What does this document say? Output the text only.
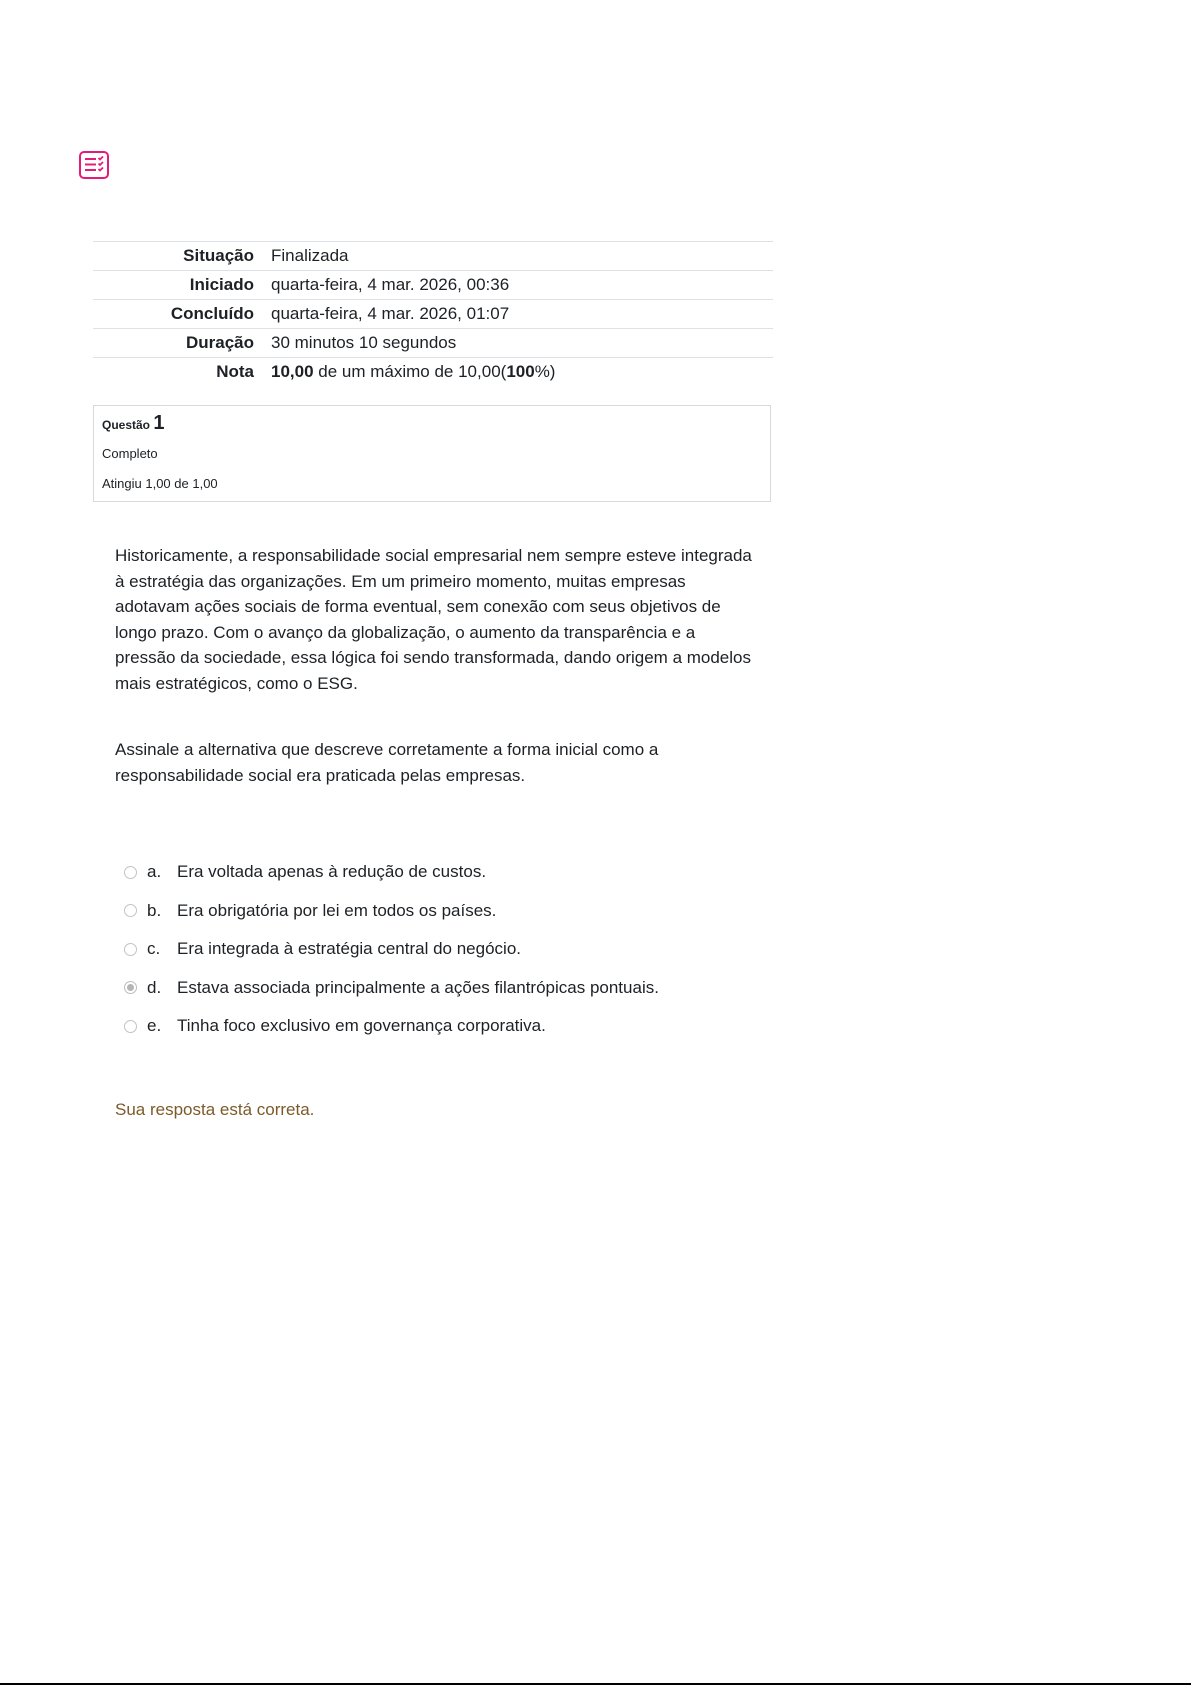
Situação	Finalizada
Iniciado	quarta-feira, 4 mar. 2026, 00:36
Concluído	quarta-feira, 4 mar. 2026, 01:07
Duração	30 minutos 10 segundos
Nota	10,00 de um máximo de 10,00(100%)
Questão 1
Completo
Atingiu 1,00 de 1,00

Historicamente, a responsabilidade social empresarial nem sempre esteve integrada à estratégia das organizações. Em um primeiro momento, muitas empresas adotavam ações sociais de forma eventual, sem conexão com seus objetivos de longo prazo. Com o avanço da globalização, o aumento da transparência e a pressão da sociedade, essa lógica foi sendo transformada, dando origem a modelos mais estratégicos, como o ESG.

Assinale a alternativa que descreve corretamente a forma inicial como a responsabilidade social era praticada pelas empresas.

a. Era voltada apenas à redução de custos.
b. Era obrigatória por lei em todos os países.
c. Era integrada à estratégia central do negócio.
d. Estava associada principalmente a ações filantrópicas pontuais.
e. Tinha foco exclusivo em governança corporativa.
Sua resposta está correta.
